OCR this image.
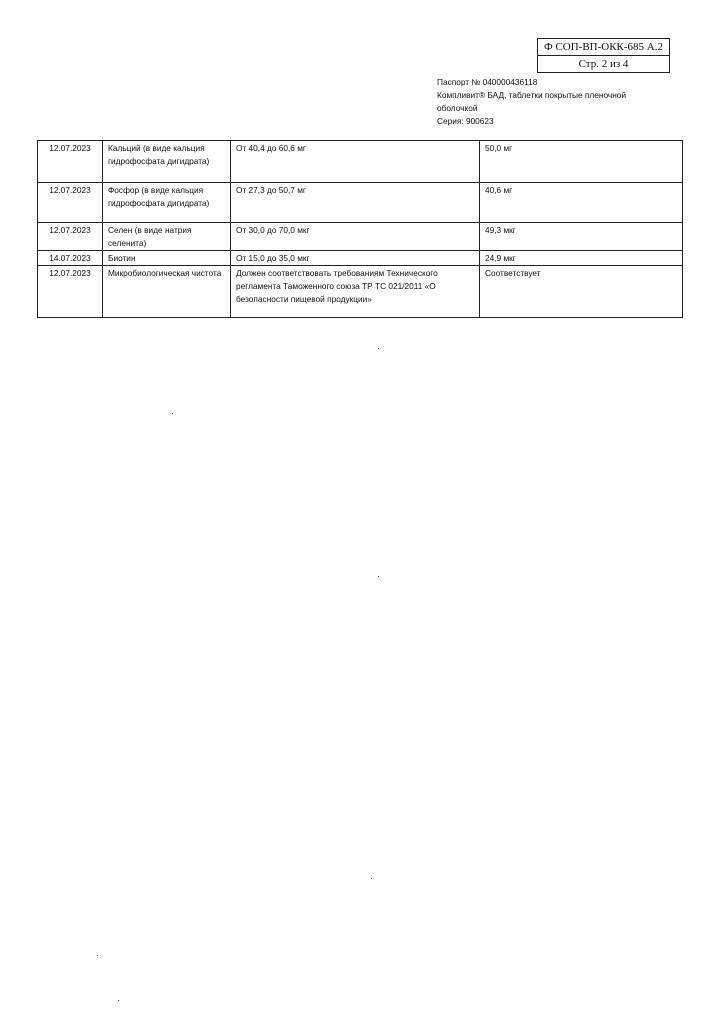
Ф СОП-ВП-ОКК-685 А.2
Стр. 2 из 4
Паспорт № 040000436118
Компливит® БАД, таблетки покрытые пленочной
оболочкой
Серия: 900623
12.07.2023	Кальций (в виде кальция гидрофосфата дигидрата)	От 40,4 до 60,6 мг	50,0 мг
12.07.2023	Фосфор (в виде кальция гидрофосфата дигидрата)	От 27,3 до 50,7 мг	40,6 мг
12.07.2023	Селен (в виде натрия селенита)	От 30,0 до 70,0 мкг	49,3 мкг
14.07.2023	Биотин	От 15,0 до 35,0 мкг	24,9 мкг
12.07.2023	Микробиологическая чистота	Должен соответствовать требованиям Технического регламента Таможенного союза ТР ТС 021/2011 «О безопасности пищевой продукции»	Соответствует
